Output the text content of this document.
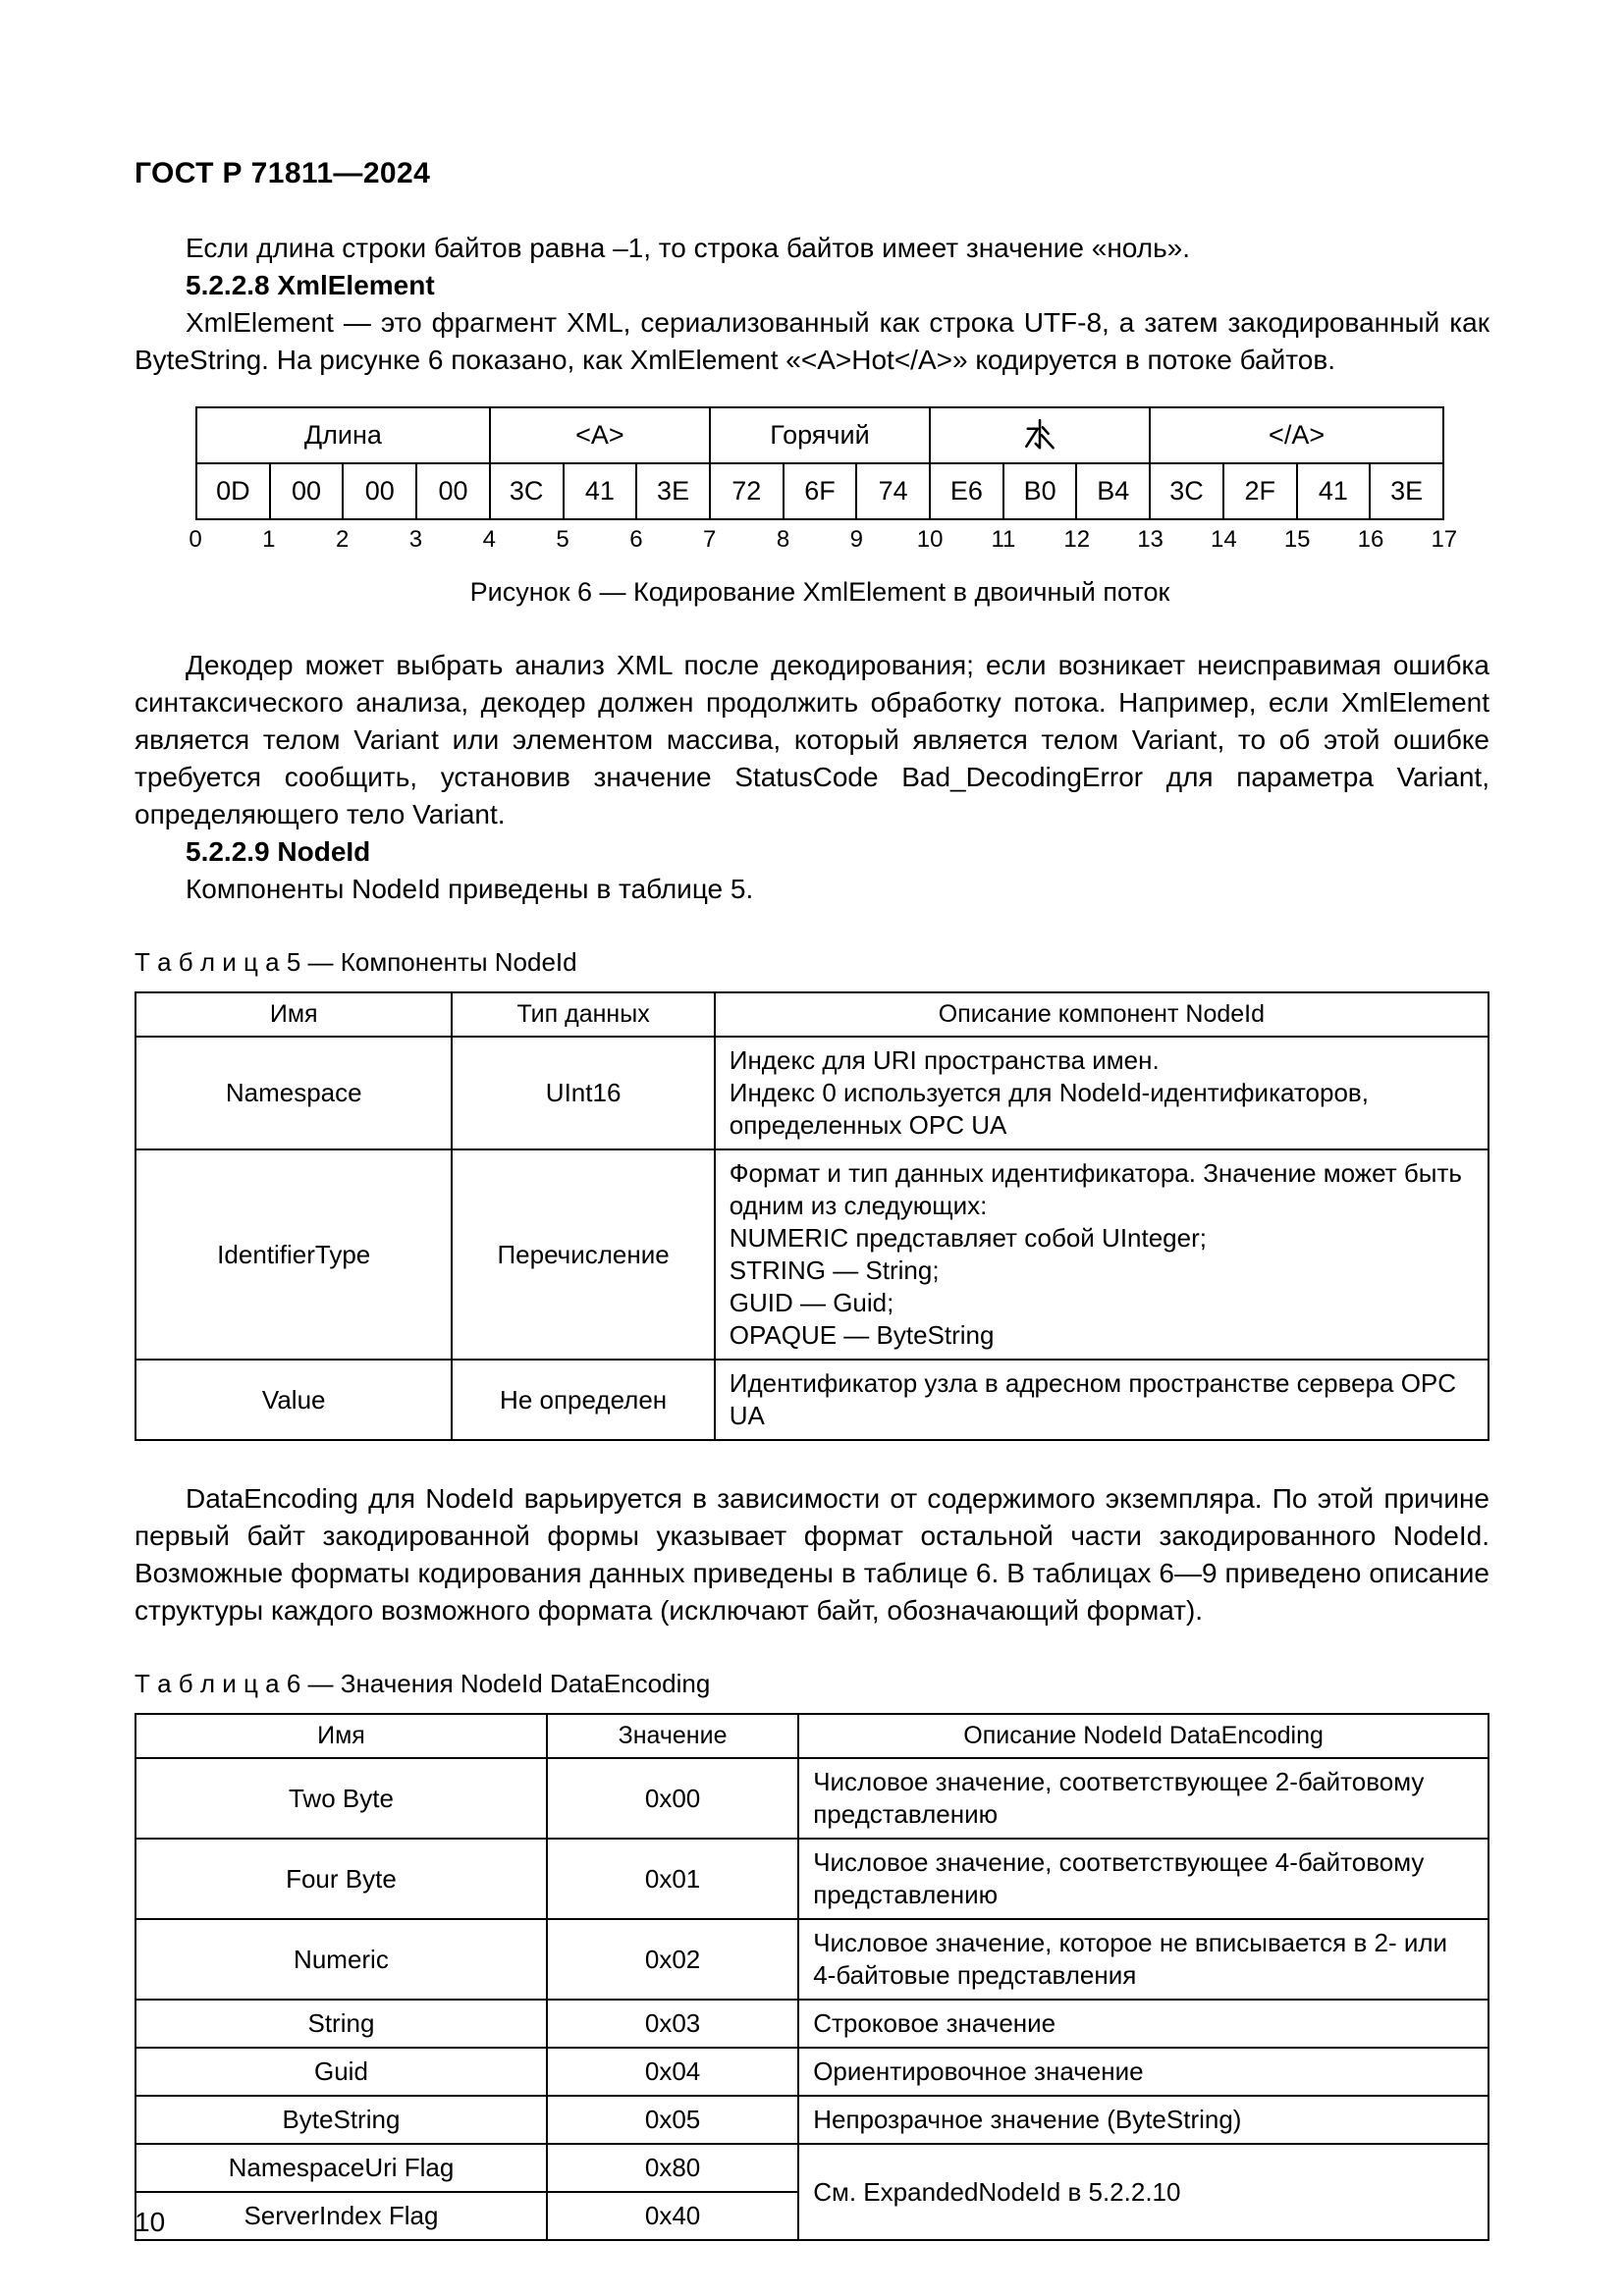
ГОСТ Р 71811—2024

Если длина строки байтов равна –1, то строка байтов имеет значение «ноль».

5.2.2.8 XmlElement

XmlElement — это фрагмент XML, сериализованный как строка UTF-8, а затем закодированный как ByteString. На рисунке 6 показано, как XmlElement «<A>Hot</A>» кодируется в потоке байтов.

Длина				<A>			Горячий						</A>			
0D	00	00	00	3C	41	3E	72	6F	74	E6	B0	B4	3C	2F	41	3E
0	1	2	3	4	5	6	7	8	9	10	11	12 13 14 15 16 17
Рисунок 6 — Кодирование XmlElement в двоичный поток

Декодер может выбрать анализ XML после декодирования; если возникает неисправимая ошибка синтаксического анализа, декодер должен продолжить обработку потока. Например, если XmlElement является телом Variant или элементом массива, который является телом Variant, то об этой ошибке требуется сообщить, установив значение StatusCode Bad_DecodingError для параметра Variant, определяющего тело Variant.

5.2.2.9 NodeId

Компоненты NodeId приведены в таблице 5.

Т а б л и ц а 5 — Компоненты NodeId
Имя	Тип данных	Описание компонент NodeId
Namespace	UInt16	Индекс для URI пространства имен.
Индекс 0 используется для NodeId-идентификаторов, определенных OPC UA

IdentifierType	Перечисление	Формат и тип данных идентификатора. Значение может быть одним из следующих:
NUMERIC представляет собой UInteger;
STRING — String;
GUID — Guid;
OPAQUE — ByteString

Value	Не определен	Идентификатор узла в адресном пространстве сервера OPC UA

DataEncoding для NodeId варьируется в зависимости от содержимого экземпляра. По этой причине первый байт закодированной формы указывает формат остальной части закодированного NodeId. Возможные форматы кодирования данных приведены в таблице 6. В таблицах 6—9 приведено описание структуры каждого возможного формата (исключают байт, обозначающий формат).

Т а б л и ц а 6 — Значения NodeId DataEncoding
Имя	Значение	Описание NodeId DataEncoding
Two Byte	0x00	Числовое значение, соответствующее 2-байтовому представлению
Four Byte	0x01	Числовое значение, соответствующее 4-байтовому представлению
Numeric	0x02	Числовое значение, которое не вписывается в 2- или 4-байтовые представления
String	0x03	Строковое значение
Guid	0x04	Ориентировочное значение
ByteString	0x05	Непрозрачное значение (ByteString)
NamespaceUri Flag	0x80	См. ExpandedNodeId в 5.2.2.10
ServerIndex Flag	0x40	
10
